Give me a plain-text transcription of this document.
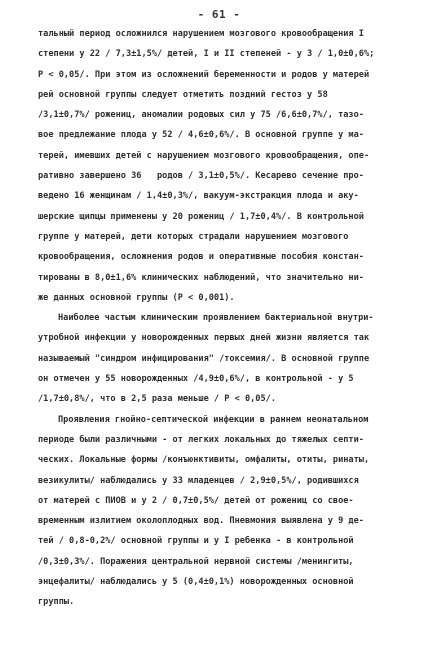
- 61 -
тальный период осложнился нарушением мозгового кровообращения I
степени у 22 / 7,3±1,5%/ детей, I и II степеней - у 3 / 1,0±0,6%;
Р < 0,05/. При этом из осложнений беременности и родов у матерей
рей основной группы следует отметить поздний гестоз у 58
/3,1±0,7%/ рожениц, аномалии родовых сил у 75 /6,6±0,7%/, тазо-
вое предлежание плода у 52 / 4,6±0,6%/. В основной группе у ма-
терей, имевших детей с нарушением мозгового кровообращения, опе-
ративно завершено 36   родов / 3,1±0,5%/. Кесарево сечение про-
ведено 16 женщинам / 1,4±0,3%/, вакуум-экстракция плода и аку-
шерские щипцы применены у 20 рожениц / 1,7±0,4%/. В контрольной
группе у матерей, дети которых страдали нарушением мозгового
кровообращения, осложнения родов и оперативные пособия констан-
тированы в 8,0±1,6% клинических наблюдений, что значительно ни-
же данных основной группы (Р < 0,001).
Наиболее частым клиническим проявлением бактериальной внутри-
утробной инфекции у новорожденных первых дней жизни является так
называемый "синдром инфицирования" /токсемия/. В основной группе
он отмечен у 55 новорожденных /4,9±0,6%/, в контрольной - у 5
/1,7±0,8%/, что в 2,5 раза меньше / Р < 0,05/.
Проявления гнойно-септической инфекции в раннем неонатальном
периоде были различными - от легких локальных до тяжелых септи-
ческих. Локальные формы /конъюнктивиты, омфалиты, отиты, ринаты,
везикулиты/ наблюдались у 33 младенцев / 2,9±0,5%/, родившихся
от матерей с ПИОВ и у 2 / 0,7±0,5%/ детей от рожениц со свое-
временным излитием околоплодных вод. Пневмония выявлена у 9 де-
тей / 0,8-0,2%/ основной группы и у I ребенка - в контрольной
/0,3±0,3%/. Поражения центральной нервной системы /менингиты,
энцефалиты/ наблюдались у 5 (0,4±0,1%) новорожденных основной
группы.
